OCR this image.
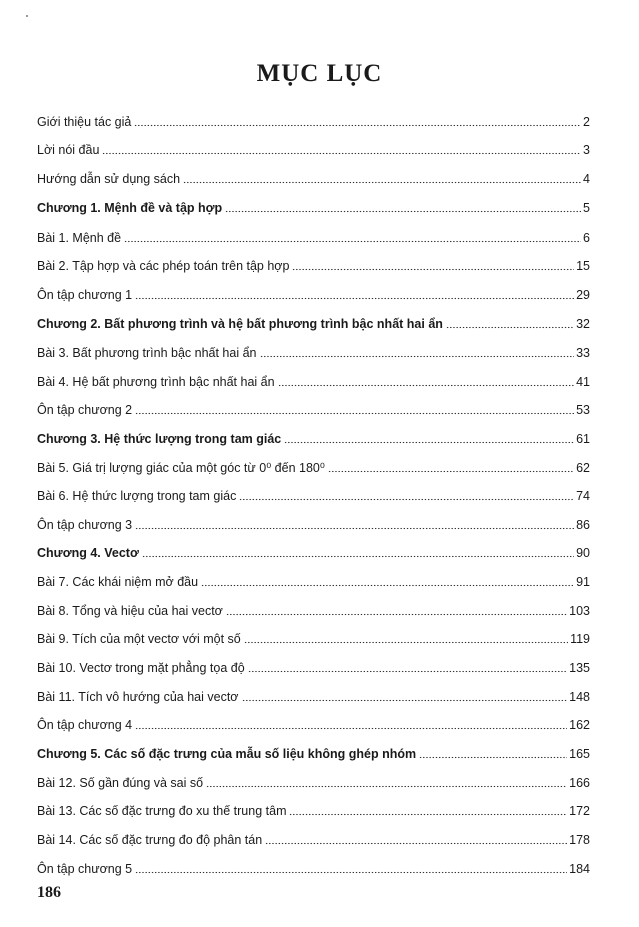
MỤC LỤC
Giới thiệu tác giả	2
Lời nói đầu	3
Hướng dẫn sử dụng sách	4
Chương 1. Mệnh đề và tập hợp	5
Bài 1. Mệnh đề	6
Bài 2. Tập hợp và các phép toán trên tập hợp	15
Ôn tập chương 1	29
Chương 2. Bất phương trình và hệ bất phương trình bậc nhất hai ẩn	32
Bài 3. Bất phương trình bậc nhất hai ẩn	33
Bài 4. Hệ bất phương trình bậc nhất hai ẩn	41
Ôn tập chương 2	53
Chương 3. Hệ thức lượng trong tam giác	61
Bài 5. Giá trị lượng giác của một góc từ 0⁰ đến 180⁰	62
Bài 6. Hệ thức lượng trong tam giác	74
Ôn tập chương 3	86
Chương 4. Vectơ	90
Bài 7. Các khái niệm mở đầu	91
Bài 8. Tổng và hiệu của hai vectơ	103
Bài 9. Tích của một vectơ với một số	119
Bài 10. Vectơ trong mặt phẳng tọa độ	135
Bài 11. Tích vô hướng của hai vectơ	148
Ôn tập chương 4	162
Chương 5. Các số đặc trưng của mẫu số liệu không ghép nhóm	165
Bài 12. Số gần đúng và sai số	166
Bài 13. Các số đặc trưng đo xu thế trung tâm	172
Bài 14. Các số đặc trưng đo độ phân tán	178
Ôn tập chương 5	184
186
